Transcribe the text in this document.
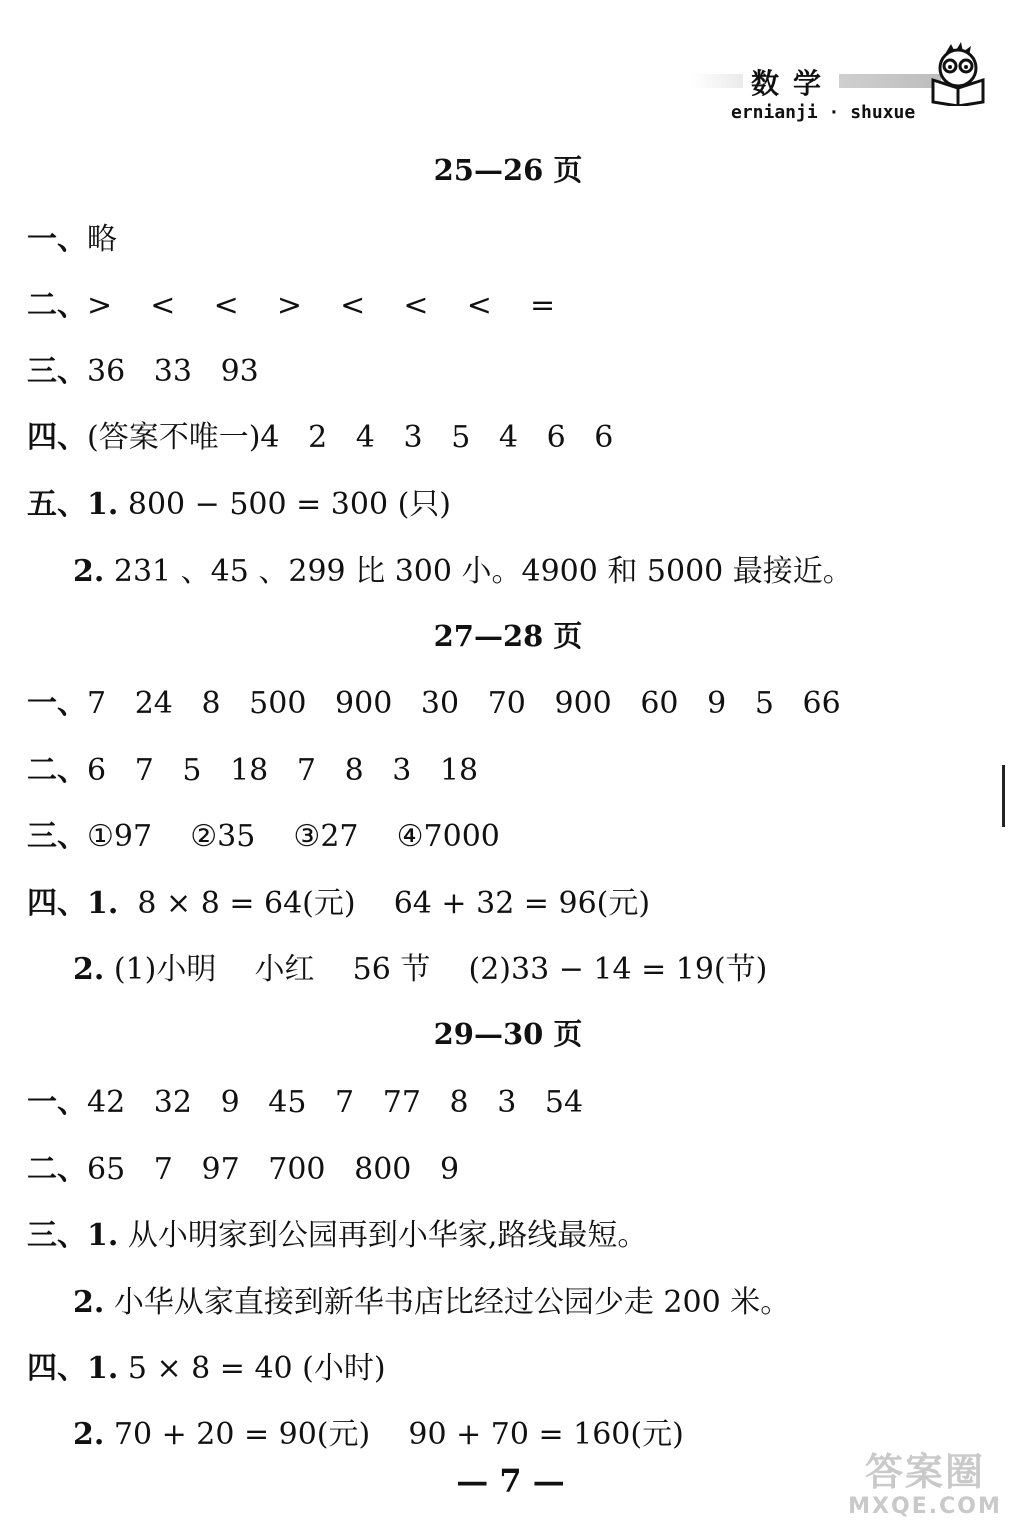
数学
ernianji · shuxue
25—26 页
一、略
二、>    <    <    >    <    <    <    =
三、36   33   93
四、(答案不唯一)4   2   4   3   5   4   6   6
五、1. 800 − 500 = 300 (只)
2. 231 、45 、299 比 300 小。4900 和 5000 最接近。
27—28 页
一、7   24   8   500   900   30   70   900   60   9   5   66
二、6   7   5   18   7   8   3   18
三、①97    ②35    ③27    ④7000
四、1.  8 × 8 = 64(元)    64 + 32 = 96(元)
2. (1)小明    小红    56 节    (2)33 − 14 = 19(节)
29—30 页
一、42   32   9   45   7   77   8   3   54
二、65   7   97   700   800   9
三、1. 从小明家到公园再到小华家,路线最短。
2. 小华从家直接到新华书店比经过公园少走 200 米。
四、1. 5 × 8 = 40 (小时)
2. 70 + 20 = 90(元)    90 + 70 = 160(元)
— 7 —	答案圈
MXQE.COM
